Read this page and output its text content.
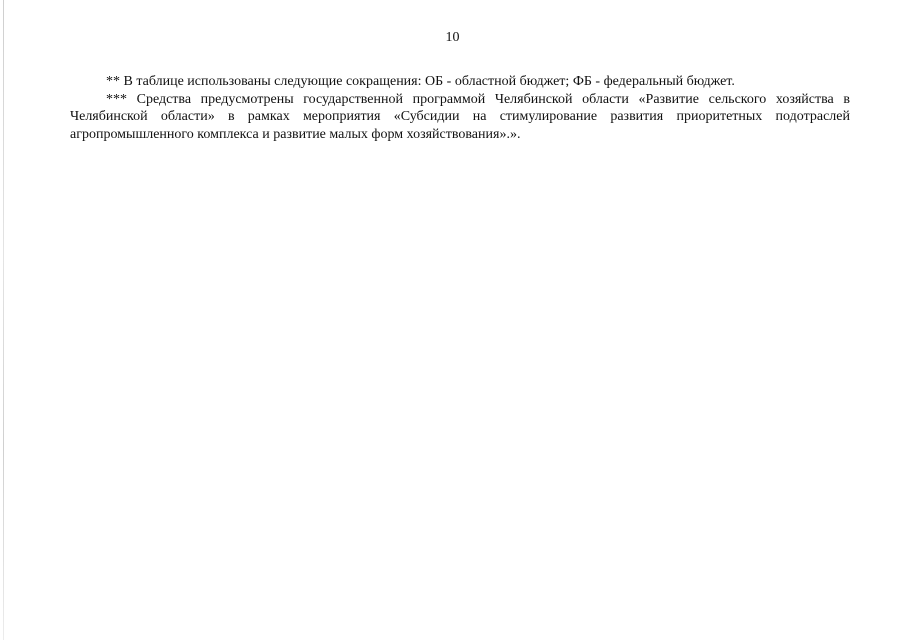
10

** В таблице использованы следующие сокращения: ОБ - областной бюджет; ФБ - федеральный бюджет.

*** Средства предусмотрены государственной программой Челябинской области «Развитие сельского хозяйства в Челябинской области» в рамках мероприятия «Субсидии на стимулирование развития приоритетных подотраслей агропромышленного комплекса и развитие малых форм хозяйствования».».
